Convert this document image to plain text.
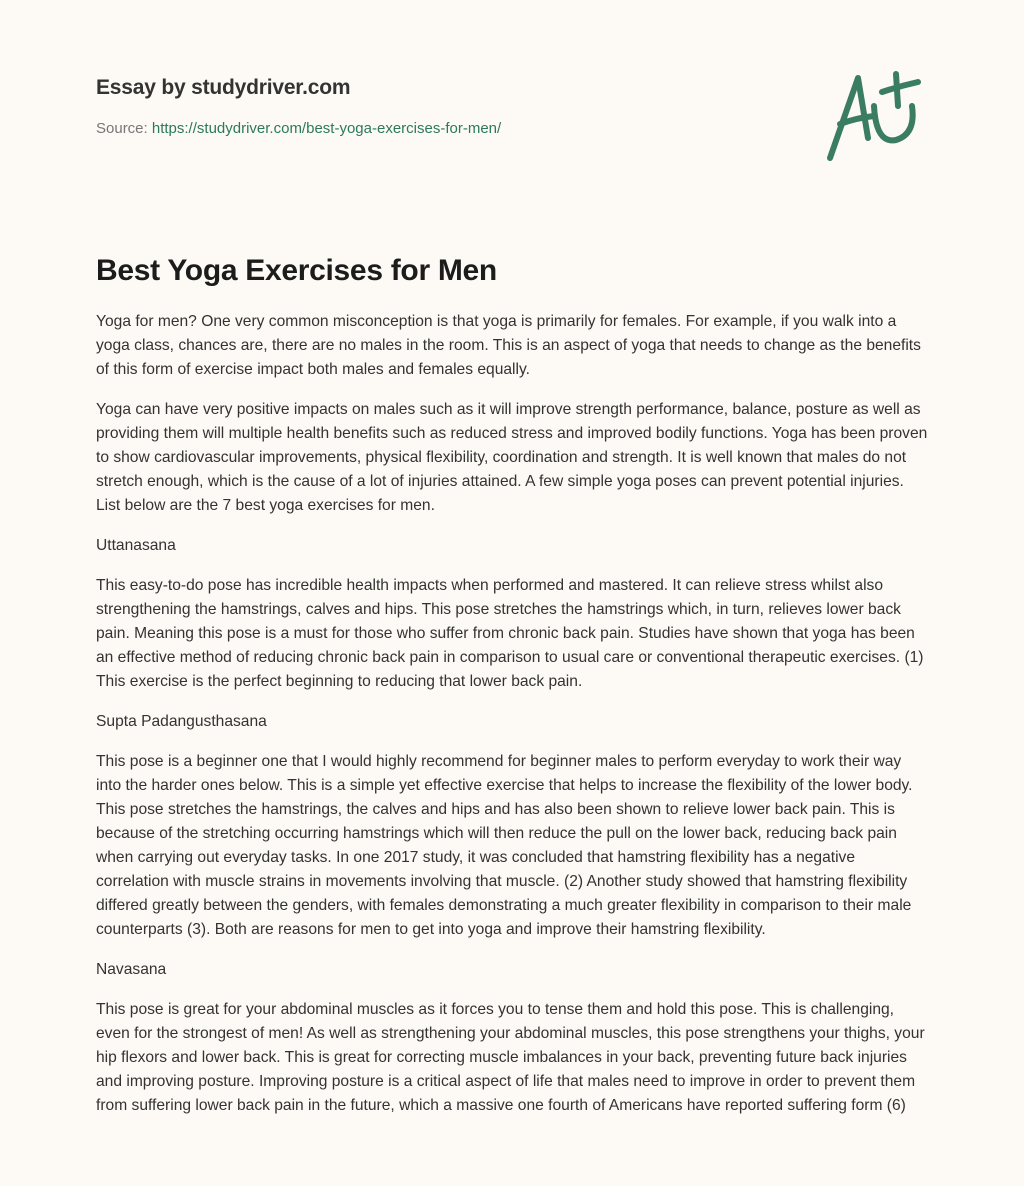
Essay by studydriver.com
Source: https://studydriver.com/best-yoga-exercises-for-men/
Best Yoga Exercises for Men

Yoga for men? One very common misconception is that yoga is primarily for females. For example, if you walk into a yoga class, chances are, there are no males in the room. This is an aspect of yoga that needs to change as the benefits of this form of exercise impact both males and females equally.

Yoga can have very positive impacts on males such as it will improve strength performance, balance, posture as well as providing them will multiple health benefits such as reduced stress and improved bodily functions. Yoga has been proven to show cardiovascular improvements, physical flexibility, coordination and strength. It is well known that males do not stretch enough, which is the cause of a lot of injuries attained. A few simple yoga poses can prevent potential injuries. List below are the 7 best yoga exercises for men.

Uttanasana

This easy-to-do pose has incredible health impacts when performed and mastered. It can relieve stress whilst also strengthening the hamstrings, calves and hips. This pose stretches the hamstrings which, in turn, relieves lower back pain. Meaning this pose is a must for those who suffer from chronic back pain. Studies have shown that yoga has been an effective method of reducing chronic back pain in comparison to usual care or conventional therapeutic exercises. (1) This exercise is the perfect beginning to reducing that lower back pain.

Supta Padangusthasana

This pose is a beginner one that I would highly recommend for beginner males to perform everyday to work their way into the harder ones below. This is a simple yet effective exercise that helps to increase the flexibility of the lower body. This pose stretches the hamstrings, the calves and hips and has also been shown to relieve lower back pain. This is because of the stretching occurring hamstrings which will then reduce the pull on the lower back, reducing back pain when carrying out everyday tasks. In one 2017 study, it was concluded that hamstring flexibility has a negative correlation with muscle strains in movements involving that muscle. (2) Another study showed that hamstring flexibility differed greatly between the genders, with females demonstrating a much greater flexibility in comparison to their male counterparts (3). Both are reasons for men to get into yoga and improve their hamstring flexibility.

Navasana

This pose is great for your abdominal muscles as it forces you to tense them and hold this pose. This is challenging, even for the strongest of men! As well as strengthening your abdominal muscles, this pose strengthens your thighs, your hip flexors and lower back. This is great for correcting muscle imbalances in your back, preventing future back injuries and improving posture. Improving posture is a critical aspect of life that males need to improve in order to prevent them from suffering lower back pain in the future, which a massive one fourth of Americans have reported suffering form (6)
